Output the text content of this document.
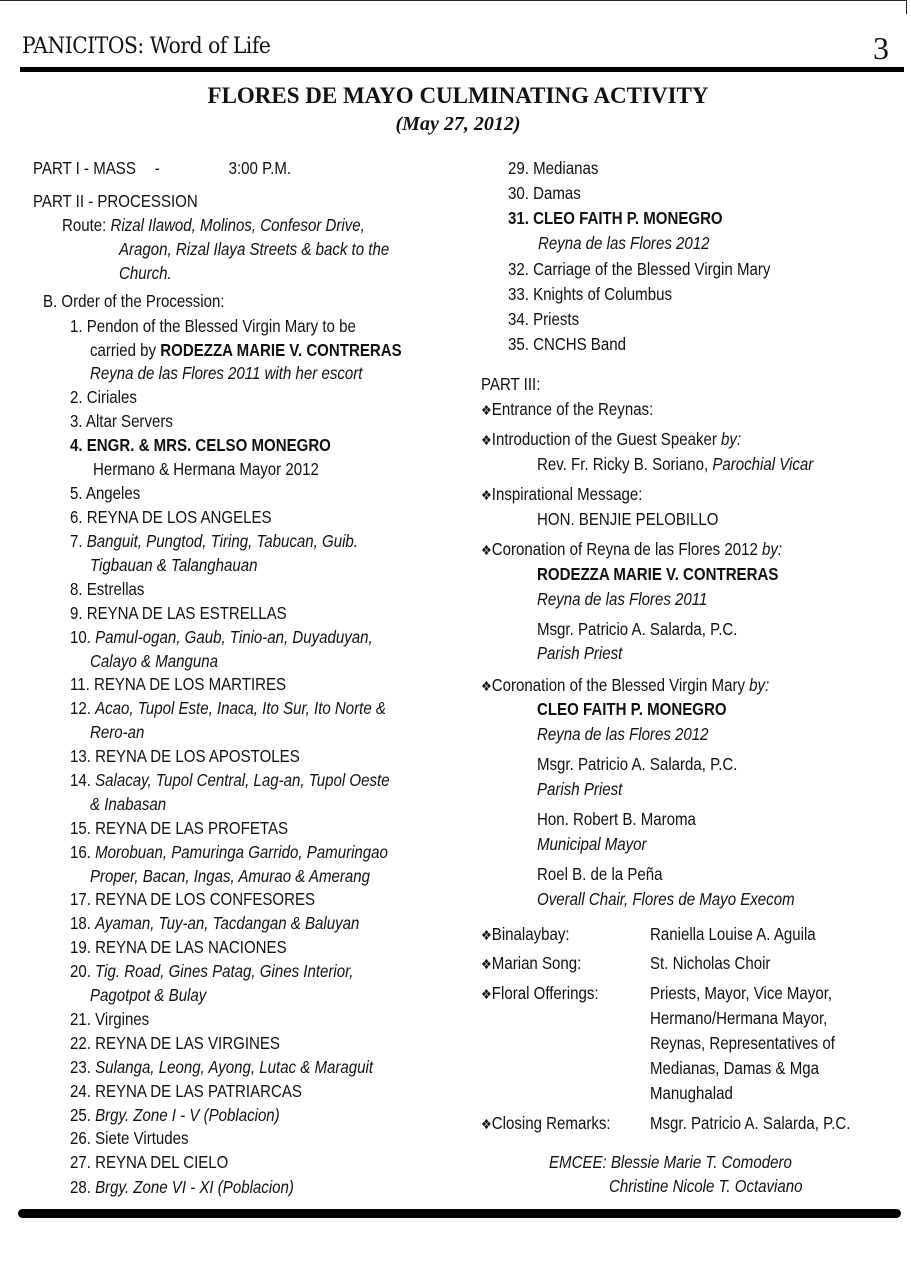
PANICITOS: Word of Life	3
FLORES DE MAYO CULMINATING ACTIVITY
(May 27, 2012)
PART I - MASS -	3:00 P.M.
PART II - PROCESSION
Route: Rizal Ilawod, Molinos, Confesor Drive,
Aragon, Rizal Ilaya Streets & back to the
Church.
B. Order of the Procession:
1. Pendon of the Blessed Virgin Mary to be
carried by RODEZZA MARIE V. CONTRERAS
Reyna de las Flores 2011 with her escort
2. Ciriales
3. Altar Servers
4. ENGR. & MRS. CELSO MONEGRO
Hermano & Hermana Mayor 2012
5. Angeles
6. REYNA DE LOS ANGELES
7. Banguit, Pungtod, Tiring, Tabucan, Guib.
Tigbauan & Talanghauan
8. Estrellas
9. REYNA DE LAS ESTRELLAS
10. Pamul-ogan, Gaub, Tinio-an, Duyaduyan,
Calayo & Manguna
11. REYNA DE LOS MARTIRES
12. Acao, Tupol Este, Inaca, Ito Sur, Ito Norte &
Rero-an
13. REYNA DE LOS APOSTOLES
14. Salacay, Tupol Central, Lag-an, Tupol Oeste
& Inabasan
15. REYNA DE LAS PROFETAS
16. Morobuan, Pamuringa Garrido, Pamuringao
Proper, Bacan, Ingas, Amurao & Amerang
17. REYNA DE LOS CONFESORES
18. Ayaman, Tuy-an, Tacdangan & Baluyan
19. REYNA DE LAS NACIONES
20. Tig. Road, Gines Patag, Gines Interior,
Pagotpot & Bulay
21. Virgines
22. REYNA DE LAS VIRGINES
23. Sulanga, Leong, Ayong, Lutac & Maraguit
24. REYNA DE LAS PATRIARCAS
25. Brgy. Zone I - V (Poblacion)
26. Siete Virtudes
27. REYNA DEL CIELO
28. Brgy. Zone VI - XI (Poblacion)
29. Medianas
30. Damas
31. CLEO FAITH P. MONEGRO
Reyna de las Flores 2012
32. Carriage of the Blessed Virgin Mary
33. Knights of Columbus
34. Priests
35. CNCHS Band
PART III:
❖Entrance of the Reynas:
❖Introduction of the Guest Speaker by:
Rev. Fr. Ricky B. Soriano, Parochial Vicar
❖Inspirational Message:
HON. BENJIE PELOBILLO
❖Coronation of Reyna de las Flores 2012 by:
RODEZZA MARIE V. CONTRERAS
Reyna de las Flores 2011
Msgr. Patricio A. Salarda, P.C.
Parish Priest
❖Coronation of the Blessed Virgin Mary by:
CLEO FAITH P. MONEGRO
Reyna de las Flores 2012
Msgr. Patricio A. Salarda, P.C.
Parish Priest
Hon. Robert B. Maroma
Municipal Mayor
Roel B. de la Peña
Overall Chair, Flores de Mayo Execom
❖Binalaybay:	Raniella Louise A. Aguila
❖Marian Song:	St. Nicholas Choir
❖Floral Offerings:	Priests, Mayor, Vice Mayor,
Hermano/Hermana Mayor,
Reynas, Representatives of
Medianas, Damas & Mga
Manughalad
❖Closing Remarks: Msgr. Patricio A. Salarda, P.C.
EMCEE: Blessie Marie T. Comodero
Christine Nicole T. Octaviano
